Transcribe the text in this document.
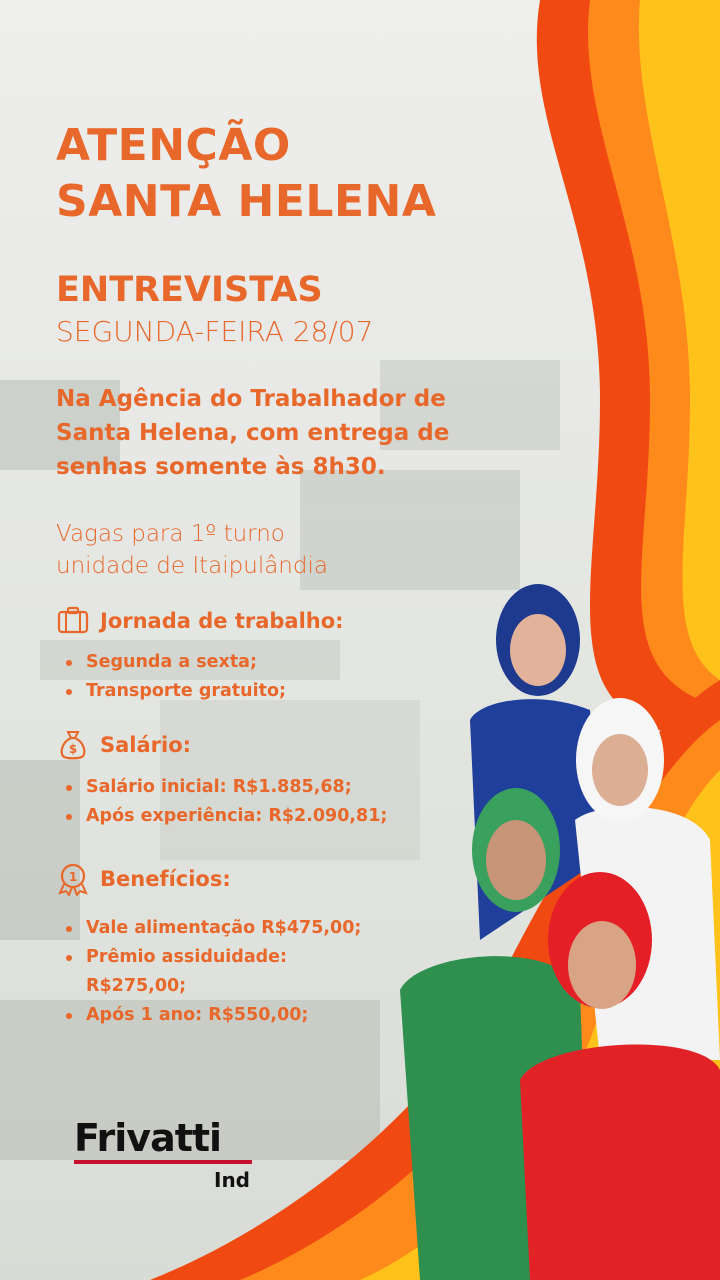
ATENÇÃO
SANTA HELENA
ENTREVISTAS
SEGUNDA-FEIRA 28/07
Na Agência do Trabalhador de Santa Helena, com entrega de senhas somente às 8h30.
Vagas para 1º turno
unidade de Itaipulândia
Jornada de trabalho:
Segunda a sexta;
Transporte gratuito;
$ Salário:
Salário inicial: R$1.885,68;
Após experiência: R$2.090,81;
1 Benefícios:
Vale alimentação R$475,00;
Prêmio assiduidade:
R$275,00;
Após 1 ano: R$550,00;
Frivatti
Ind
